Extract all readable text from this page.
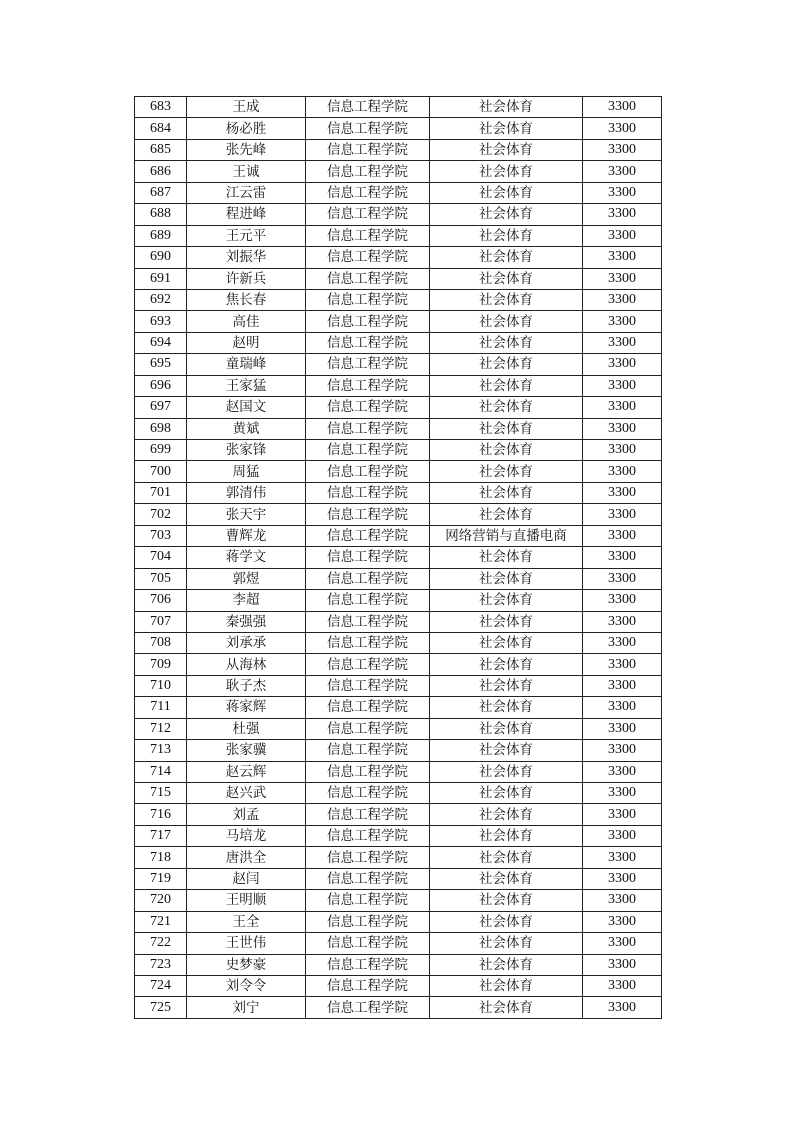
683	王成	信息工程学院	社会体育	3300
684	杨必胜	信息工程学院	社会体育	3300
685	张先峰	信息工程学院	社会体育	3300
686	王诚	信息工程学院	社会体育	3300
687	江云雷	信息工程学院	社会体育	3300
688	程进峰	信息工程学院	社会体育	3300
689	王元平	信息工程学院	社会体育	3300
690	刘振华	信息工程学院	社会体育	3300
691	许新兵	信息工程学院	社会体育	3300
692	焦长春	信息工程学院	社会体育	3300
693	高佳	信息工程学院	社会体育	3300
694	赵明	信息工程学院	社会体育	3300
695	童瑞峰	信息工程学院	社会体育	3300
696	王家猛	信息工程学院	社会体育	3300
697	赵国文	信息工程学院	社会体育	3300
698	黄斌	信息工程学院	社会体育	3300
699	张家锋	信息工程学院	社会体育	3300
700	周猛	信息工程学院	社会体育	3300
701	郭清伟	信息工程学院	社会体育	3300
702	张天宇	信息工程学院	社会体育	3300
703	曹辉龙	信息工程学院	网络营销与直播电商	3300
704	蒋学文	信息工程学院	社会体育	3300
705	郭煜	信息工程学院	社会体育	3300
706	李超	信息工程学院	社会体育	3300
707	秦强强	信息工程学院	社会体育	3300
708	刘承承	信息工程学院	社会体育	3300
709	从海林	信息工程学院	社会体育	3300
710	耿子杰	信息工程学院	社会体育	3300
711	蒋家辉	信息工程学院	社会体育	3300
712	杜强	信息工程学院	社会体育	3300
713	张家骥	信息工程学院	社会体育	3300
714	赵云辉	信息工程学院	社会体育	3300
715	赵兴武	信息工程学院	社会体育	3300
716	刘孟	信息工程学院	社会体育	3300
717	马培龙	信息工程学院	社会体育	3300
718	唐洪全	信息工程学院	社会体育	3300
719	赵闫	信息工程学院	社会体育	3300
720	王明顺	信息工程学院	社会体育	3300
721	王全	信息工程学院	社会体育	3300
722	王世伟	信息工程学院	社会体育	3300
723	史梦豪	信息工程学院	社会体育	3300
724	刘令令	信息工程学院	社会体育	3300
725	刘宁	信息工程学院	社会体育	3300
